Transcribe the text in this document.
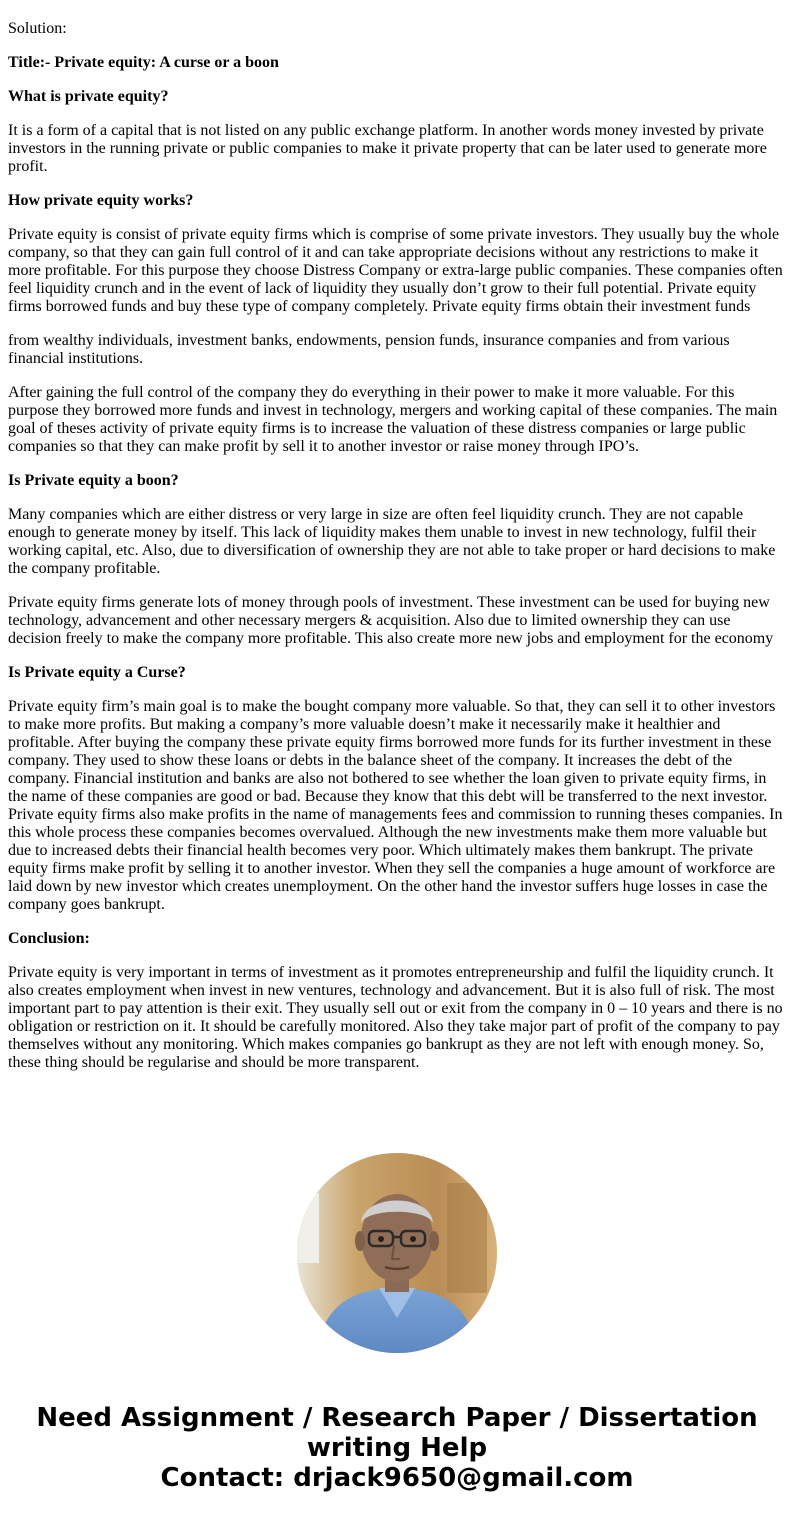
Solution:

Title:- Private equity: A curse or a boon

What is private equity?

It is a form of a capital that is not listed on any public exchange platform. In another words money invested by private investors in the running private or public companies to make it private property that can be later used to generate more profit.

How private equity works?

Private equity is consist of private equity firms which is comprise of some private investors. They usually buy the whole company, so that they can gain full control of it and can take appropriate decisions without any restrictions to make it more profitable. For this purpose they choose Distress Company or extra-large public companies. These companies often feel liquidity crunch and in the event of lack of liquidity they usually don’t grow to their full potential. Private equity firms borrowed funds and buy these type of company completely. Private equity firms obtain their investment funds

from wealthy individuals, investment banks, endowments, pension funds, insurance companies and from various financial institutions.

After gaining the full control of the company they do everything in their power to make it more valuable. For this purpose they borrowed more funds and invest in technology, mergers and working capital of these companies. The main goal of theses activity of private equity firms is to increase the valuation of these distress companies or large public companies so that they can make profit by sell it to another investor or raise money through IPO’s.

Is Private equity a boon?

Many companies which are either distress or very large in size are often feel liquidity crunch. They are not capable enough to generate money by itself. This lack of liquidity makes them unable to invest in new technology, fulfil their working capital, etc. Also, due to diversification of ownership they are not able to take proper or hard decisions to make the company profitable.

Private equity firms generate lots of money through pools of investment. These investment can be used for buying new technology, advancement and other necessary mergers & acquisition. Also due to limited ownership they can use decision freely to make the company more profitable. This also create more new jobs and employment for the economy

Is Private equity a Curse?

Private equity firm’s main goal is to make the bought company more valuable. So that, they can sell it to other investors to make more profits. But making a company’s more valuable doesn’t make it necessarily make it healthier and profitable. After buying the company these private equity firms borrowed more funds for its further investment in these company. They used to show these loans or debts in the balance sheet of the company. It increases the debt of the company. Financial institution and banks are also not bothered to see whether the loan given to private equity firms, in the name of these companies are good or bad. Because they know that this debt will be transferred to the next investor. Private equity firms also make profits in the name of managements fees and commission to running theses companies. In this whole process these companies becomes overvalued. Although the new investments make them more valuable but due to increased debts their financial health becomes very poor. Which ultimately makes them bankrupt. The private equity firms make profit by selling it to another investor. When they sell the companies a huge amount of workforce are laid down by new investor which creates unemployment. On the other hand the investor suffers huge losses in case the company goes bankrupt.

Conclusion:

Private equity is very important in terms of investment as it promotes entrepreneurship and fulfil the liquidity crunch. It also creates employment when invest in new ventures, technology and advancement. But it is also full of risk. The most important part to pay attention is their exit. They usually sell out or exit from the company in 0 – 10 years and there is no obligation or restriction on it. It should be carefully monitored. Also they take major part of profit of the company to pay themselves without any monitoring. Which makes companies go bankrupt as they are not left with enough money. So, these thing should be regularise and should be more transparent.

Need Assignment / Research Paper / Dissertation
writing Help
Contact: drjack9650@gmail.com
